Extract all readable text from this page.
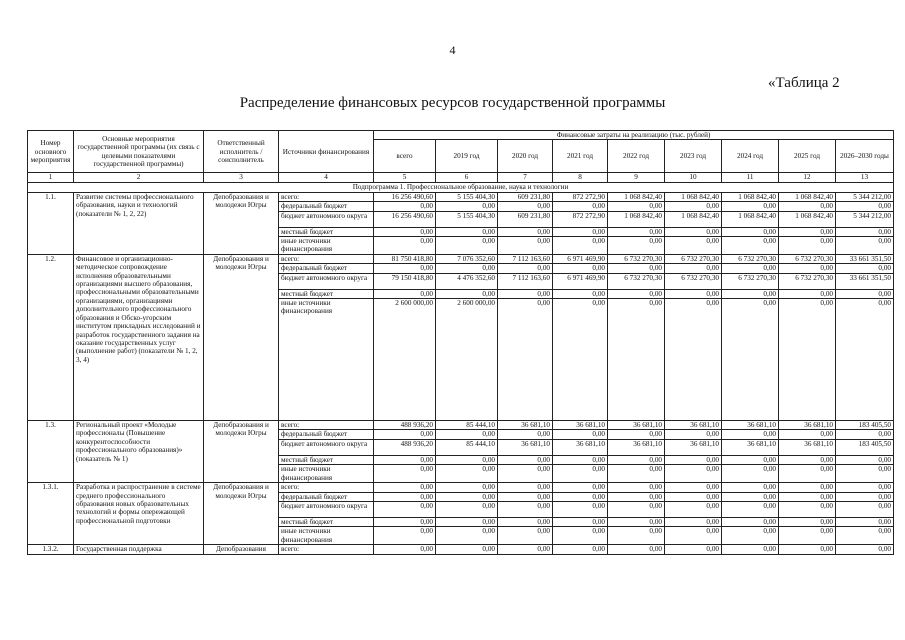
4
«Таблица 2
Распределение финансовых ресурсов государственной программы
Номер основного мероприятия	Основные мероприятия государственной программы (их связь с целевыми показателями государственной программы)	Ответственный исполнитель / соисполнитель	Источники финансирования	Финансовые затраты на реализацию (тыс. рублей)								
				всего	2019 год	2020 год	2021 год	2022 год	2023 год	2024 год	2025 год	2026–2030 годы
1	2	3	4	5	6	7	8	9	10	11	12	13
Подпрограмма 1. Профессиональное образование, наука и технологии												
1.1.	Развитие системы профессионального образования, науки и технологий (показатели № 1, 2, 22)	Депобразования и молодежи Югры	всего:	16 256 490,60	5 155 404,30	609 231,80	872 272,90	1 068 842,40	1 068 842,40	1 068 842,40	1 068 842,40	5 344 212,00
			федеральный бюджет	0,00	0,00	0,00	0,00	0,00	0,00	0,00	0,00	0,00
			бюджет автономного округа	16 256 490,60	5 155 404,30	609 231,80	872 272,90	1 068 842,40	1 068 842,40	1 068 842,40	1 068 842,40	5 344 212,00
			местный бюджет	0,00	0,00	0,00	0,00	0,00	0,00	0,00	0,00	0,00
			иные источники финансирования	0,00	0,00	0,00	0,00	0,00	0,00	0,00	0,00	0,00
1.2.	Финансовое и организационно-методическое сопровождение исполнения образовательными организациями высшего образования, профессиональными образовательными организациями, организациями дополнительного профессионального образования и Обско-угорским институтом прикладных исследований и разработок государственного задания на оказание государственных услуг (выполнение работ) (показатели № 1, 2, 3, 4)	Депобразования и молодежи Югры	всего:	81 750 418,80	7 076 352,60	7 112 163,60	6 971 469,90	6 732 270,30	6 732 270,30	6 732 270,30	6 732 270,30	33 661 351,50
			федеральный бюджет	0,00	0,00	0,00	0,00	0,00	0,00	0,00	0,00	0,00
			бюджет автономного округа	79 150 418,80	4 476 352,60	7 112 163,60	6 971 469,90	6 732 270,30	6 732 270,30	6 732 270,30	6 732 270,30	33 661 351,50
			местный бюджет	0,00	0,00	0,00	0,00	0,00	0,00	0,00	0,00	0,00
			иные источники финансирования	2 600 000,00	2 600 000,00	0,00	0,00	0,00	0,00	0,00	0,00	0,00
1.3.	Региональный проект «Молодые профессионалы (Повышение конкурентоспособности профессионального образования)» (показатель № 1)	Депобразования и молодежи Югры	всего:	488 936,20	85 444,10	36 681,10	36 681,10	36 681,10	36 681,10	36 681,10	36 681,10	183 405,50
			федеральный бюджет	0,00	0,00	0,00	0,00	0,00	0,00	0,00	0,00	0,00
			бюджет автономного округа	488 936,20	85 444,10	36 681,10	36 681,10	36 681,10	36 681,10	36 681,10	36 681,10	183 405,50
			местный бюджет	0,00	0,00	0,00	0,00	0,00	0,00	0,00	0,00	0,00
			иные источники финансирования	0,00	0,00	0,00	0,00	0,00	0,00	0,00	0,00	0,00
1.3.1.	Разработка и распространение в системе среднего профессионального образования новых образовательных технологий и формы опережающей профессиональной подготовки	Депобразования и молодежи Югры	всего:	0,00	0,00	0,00	0,00	0,00	0,00	0,00	0,00	0,00
			федеральный бюджет	0,00	0,00	0,00	0,00	0,00	0,00	0,00	0,00	0,00
			бюджет автономного округа	0,00	0,00	0,00	0,00	0,00	0,00	0,00	0,00	0,00
			местный бюджет	0,00	0,00	0,00	0,00	0,00	0,00	0,00	0,00	0,00
			иные источники финансирования	0,00	0,00	0,00	0,00	0,00	0,00	0,00	0,00	0,00
1.3.2.	Государственная поддержка	Депобразования	всего:	0,00	0,00	0,00	0,00	0,00	0,00	0,00	0,00	0,00
